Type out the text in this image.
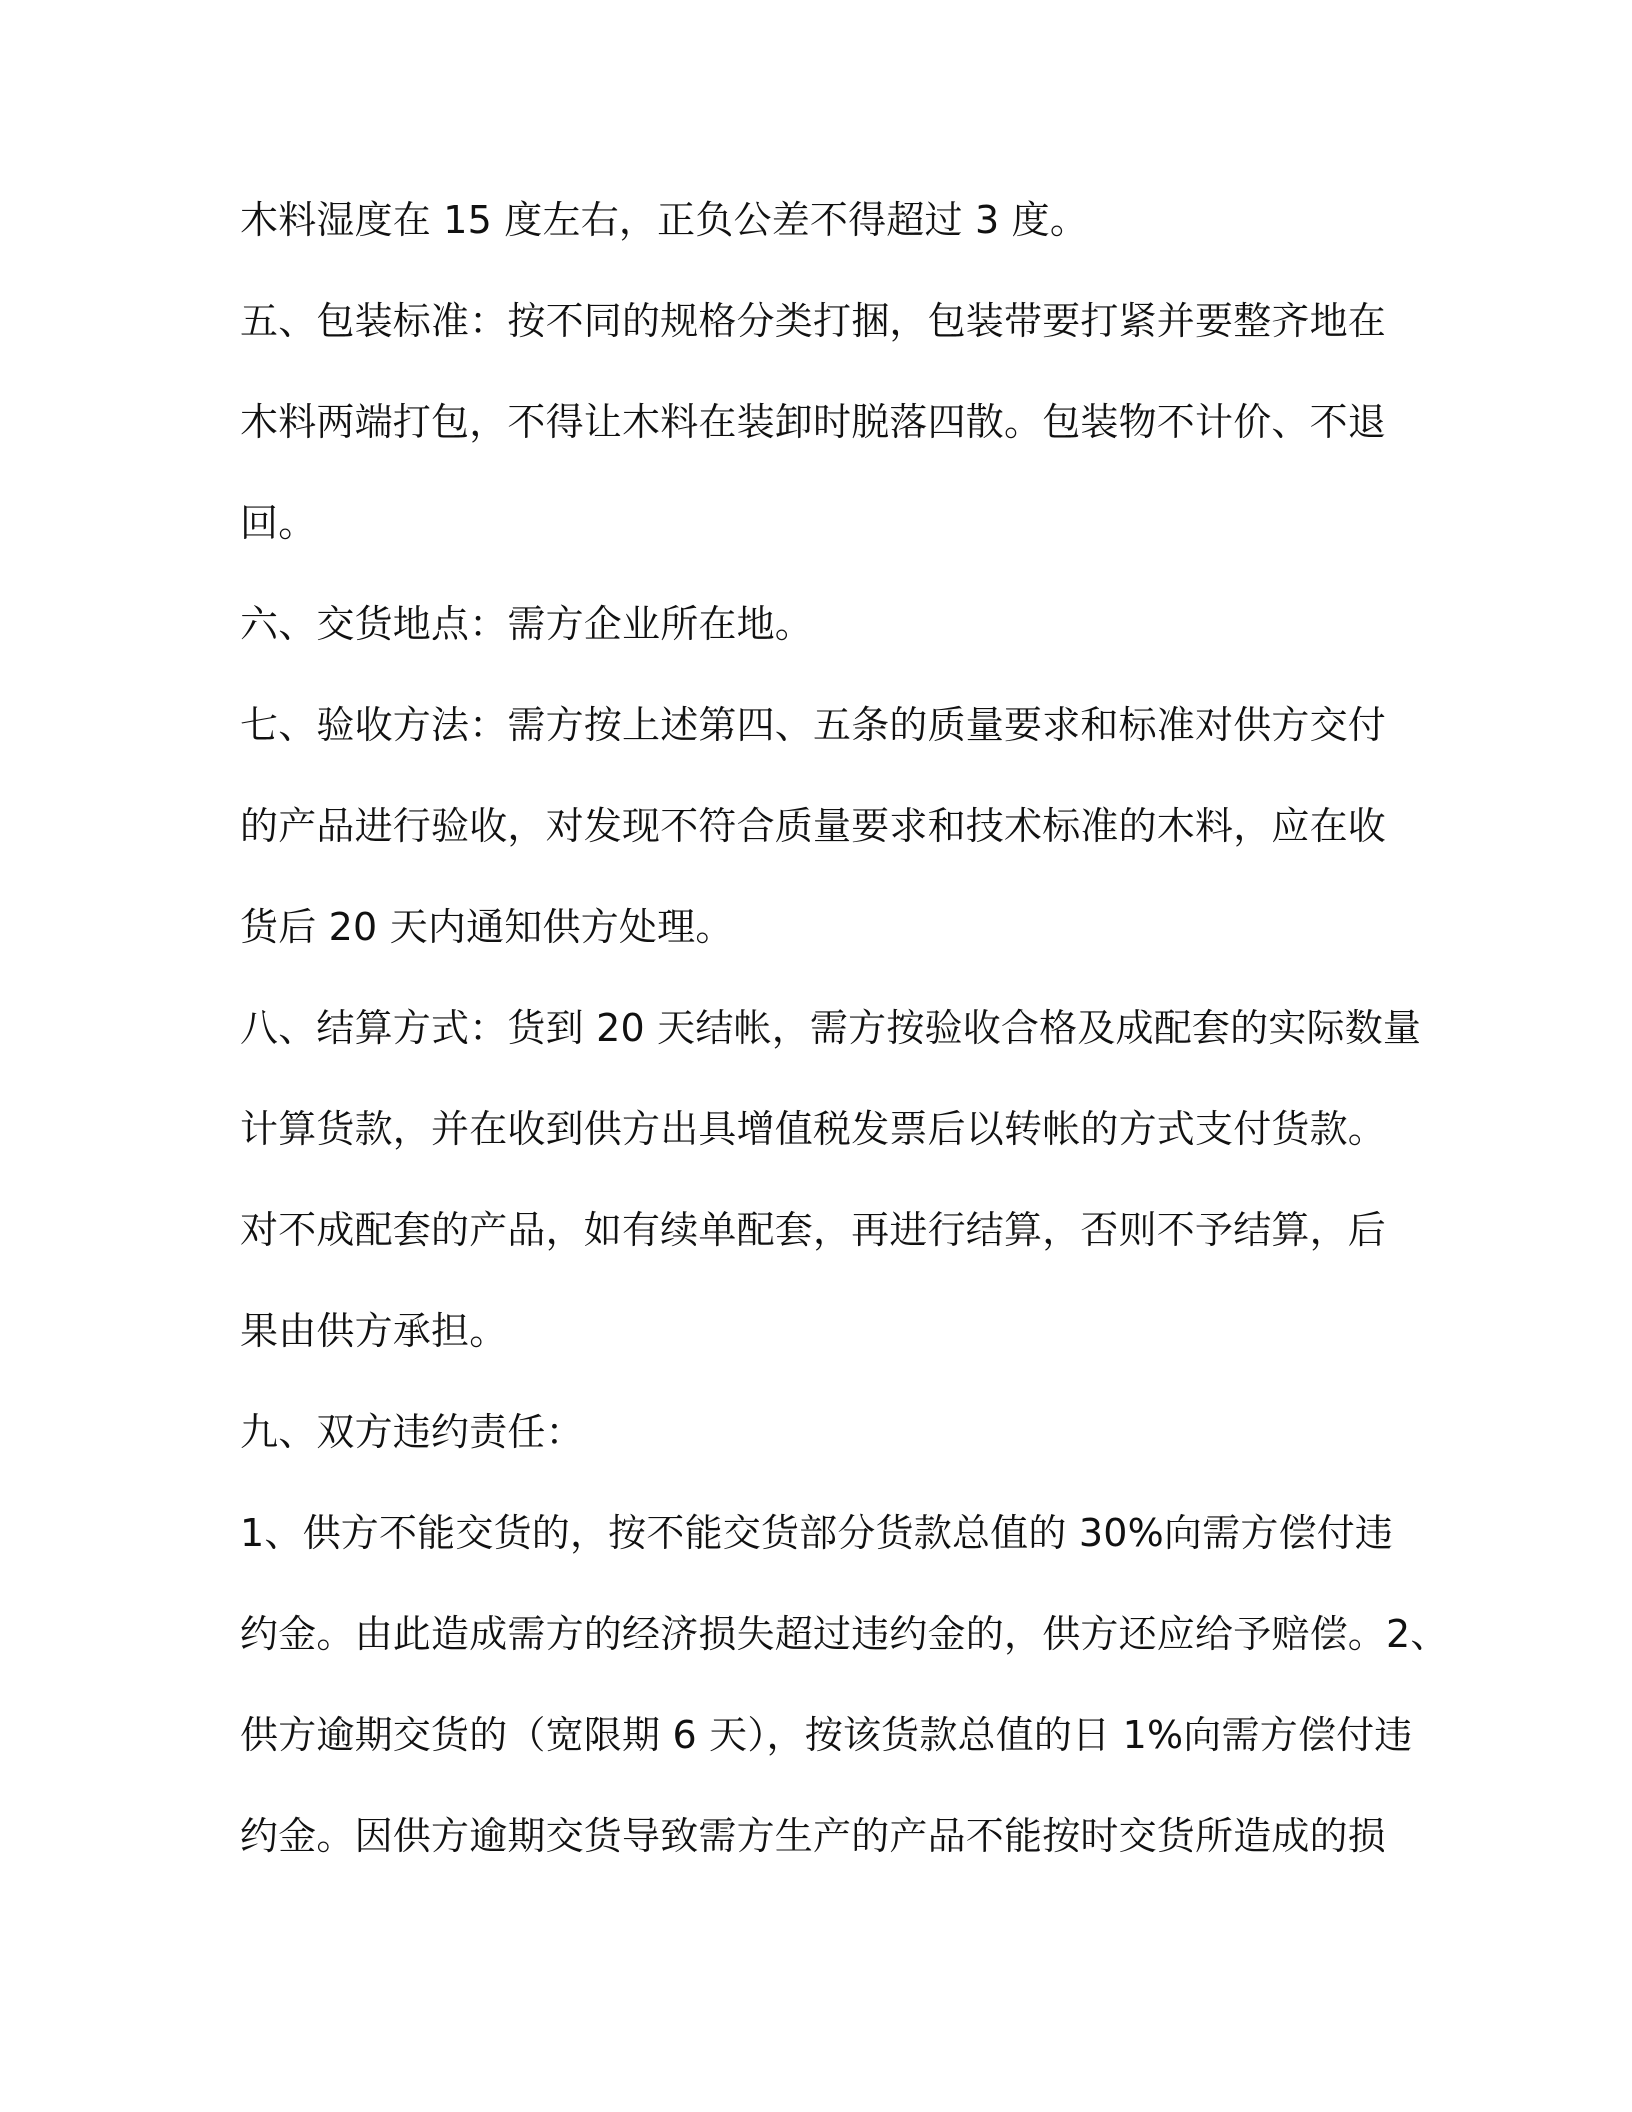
木料湿度在 15 度左右，正负公差不得超过 3 度。
五、包装标准：按不同的规格分类打捆，包装带要打紧并要整齐地在
木料两端打包，不得让木料在装卸时脱落四散。包装物不计价、不退
回。
六、交货地点：需方企业所在地。
七、验收方法：需方按上述第四、五条的质量要求和标准对供方交付
的产品进行验收，对发现不符合质量要求和技术标准的木料，应在收
货后 20 天内通知供方处理。
八、结算方式：货到 20 天结帐，需方按验收合格及成配套的实际数量
计算货款，并在收到供方出具增值税发票后以转帐的方式支付货款。
对不成配套的产品，如有续单配套，再进行结算，否则不予结算，后
果由供方承担。
九、双方违约责任：
1、供方不能交货的，按不能交货部分货款总值的 30%向需方偿付违
约金。由此造成需方的经济损失超过违约金的，供方还应给予赔偿。2、
供方逾期交货的（宽限期 6 天），按该货款总值的日 1%向需方偿付违
约金。因供方逾期交货导致需方生产的产品不能按时交货所造成的损
